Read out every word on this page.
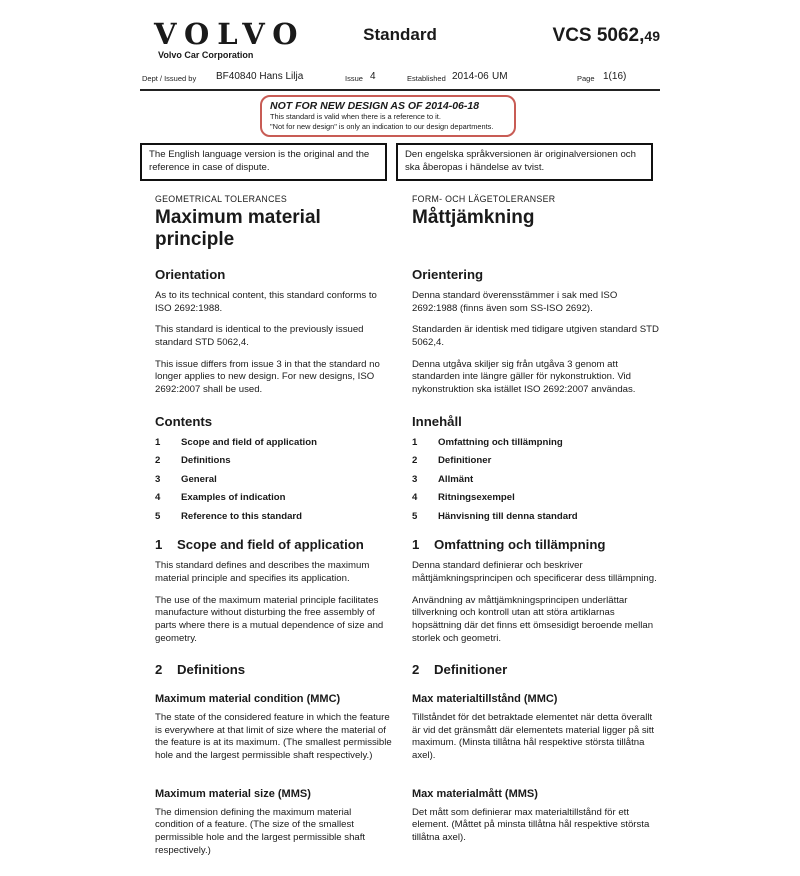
VOLVO
Volvo Car Corporation
Standard	VCS 5062,49
Dept / Issued by BF40840 Hans Lilja	Issue 4	Established 2014-06 UM	Page 1(16)
NOT FOR NEW DESIGN AS OF 2014-06-18
This standard is valid when there is a reference to it.
"Not for new design" is only an indication to our design departments.
The English language version is the original and the reference in case of dispute.
Den engelska språkversionen är originalversionen och ska åberopas i händelse av tvist.
GEOMETRICAL TOLERANCES
Maximum material principle
FORM- OCH LÄGETOLERANSER
Måttjämkning
Orientation

As to its technical content, this standard conforms to ISO 2692:1988.

This standard is identical to the previously issued standard STD 5062,4.

This issue differs from issue 3 in that the standard no longer applies to new design. For new designs, ISO 2692:2007 shall be used.

Orientering

Denna standard överensstämmer i sak med ISO 2692:1988 (finns även som SS-ISO 2692).

Standarden är identisk med tidigare utgiven standard STD 5062,4.

Denna utgåva skiljer sig från utgåva 3 genom att standarden inte längre gäller för nykonstruktion. Vid nykonstruktion ska istället ISO 2692:2007 användas.

Contents
1	Scope and field of application
2	Definitions
3	General
4	Examples of indication
5	Reference to this standard
Innehåll
1	Omfattning och tillämpning
2	Definitioner
3	Allmänt
4	Ritningsexempel
5	Hänvisning till denna standard
1 Scope and field of application

This standard defines and describes the maximum material principle and specifies its application.

The use of the maximum material principle facilitates manufacture without disturbing the free assembly of parts where there is a mutual dependence of size and geometry.

1 Omfattning och tillämpning

Denna standard definierar och beskriver måttjämkningsprincipen och specificerar dess tillämpning.

Användning av måttjämkningsprincipen underlättar tillverkning och kontroll utan att störa artiklarnas hopsättning där det finns ett ömsesidigt beroende mellan storlek och geometri.

2 Definitions	2 Definitioner
Maximum material condition (MMC)

The state of the considered feature in which the feature is everywhere at that limit of size where the material of the feature is at its maximum. (The smallest permissible hole and the largest permissible shaft respectively.)

Max materialtillstånd (MMC)

Tillståndet för det betraktade elementet när detta överallt är vid det gränsmått där elementets material ligger på sitt maximum. (Minsta tillåtna hål respektive största tillåtna axel).

Maximum material size (MMS)

The dimension defining the maximum material condition of a feature. (The size of the smallest permissible hole and the largest permissible shaft respectively.)

Max materialmått (MMS)

Det mått som definierar max materialtillstånd för ett element. (Måttet på minsta tillåtna hål respektive största tillåtna axel).
